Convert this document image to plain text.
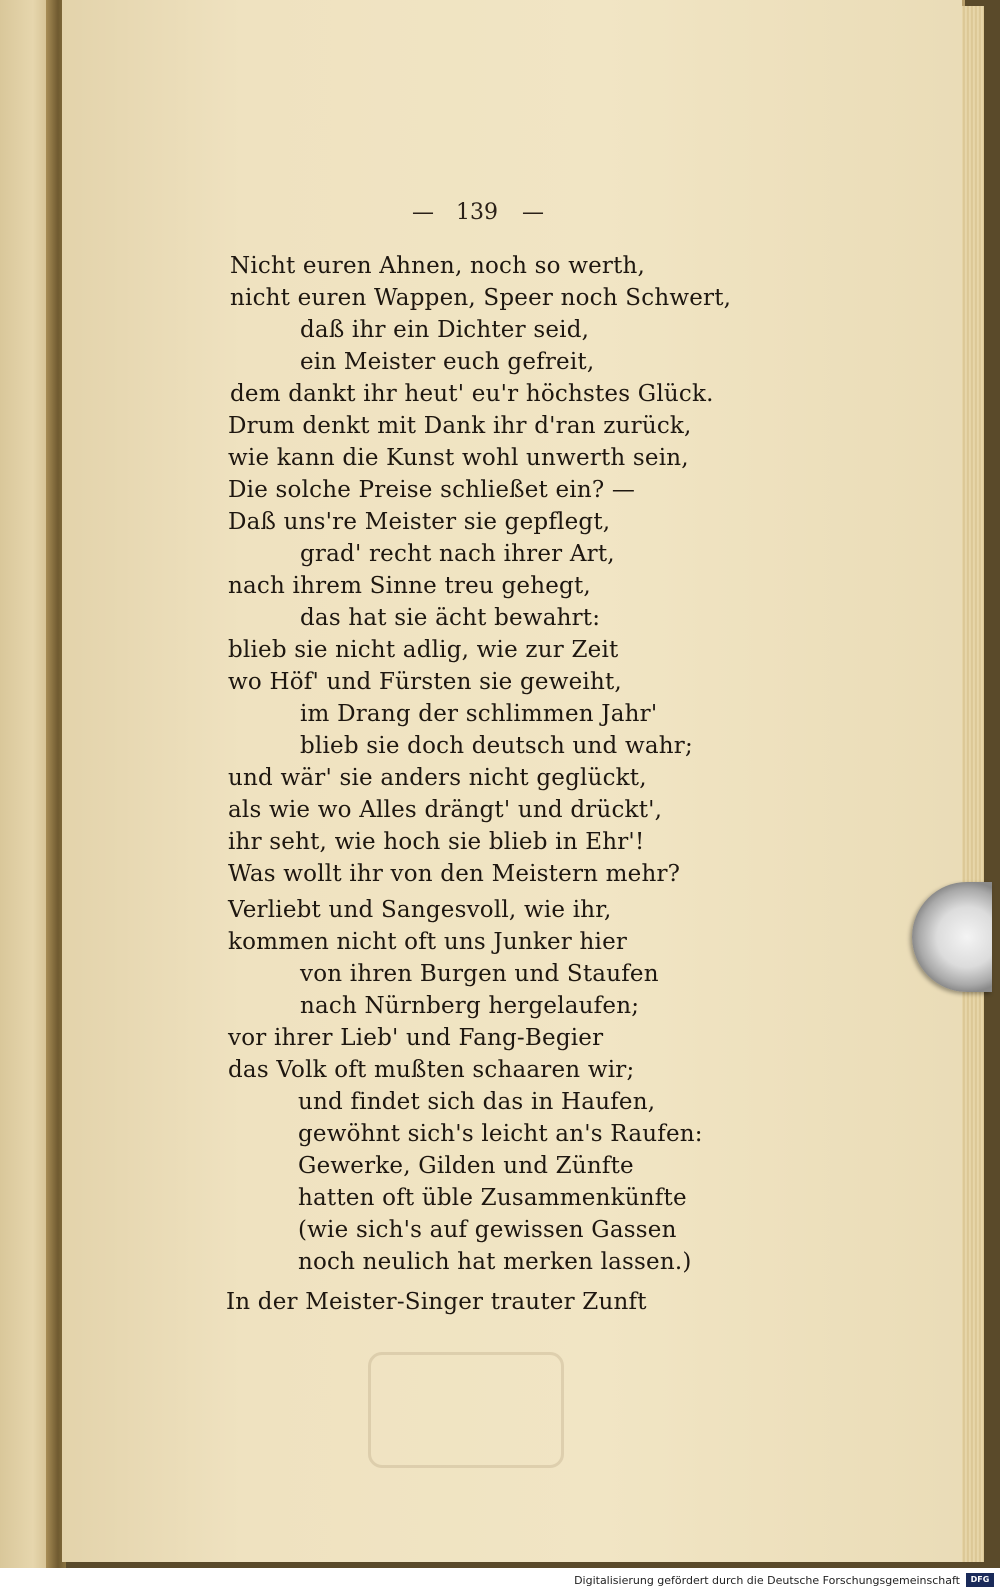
— 139 —
Nicht euren Ahnen, noch so werth,
nicht euren Wappen, Speer noch Schwert,
daß ihr ein Dichter seid,
ein Meister euch gefreit,
dem dankt ihr heut' eu'r höchstes Glück.
Drum denkt mit Dank ihr d'ran zurück,
wie kann die Kunst wohl unwerth sein,
Die solche Preise schließet ein? —
Daß uns're Meister sie gepflegt,
grad' recht nach ihrer Art,
nach ihrem Sinne treu gehegt,
das hat sie ächt bewahrt:
blieb sie nicht adlig, wie zur Zeit
wo Höf' und Fürsten sie geweiht,
im Drang der schlimmen Jahr'
blieb sie doch deutsch und wahr;
und wär' sie anders nicht geglückt,
als wie wo Alles drängt' und drückt',
ihr seht, wie hoch sie blieb in Ehr'!
Was wollt ihr von den Meistern mehr?
Verliebt und Sangesvoll, wie ihr,
kommen nicht oft uns Junker hier
von ihren Burgen und Staufen
nach Nürnberg hergelaufen;
vor ihrer Lieb' und Fang-Begier
das Volk oft mußten schaaren wir;
und findet sich das in Haufen,
gewöhnt sich's leicht an's Raufen:
Gewerke, Gilden und Zünfte
hatten oft üble Zusammenkünfte
(wie sich's auf gewissen Gassen
noch neulich hat merken lassen.)
In der Meister-Singer trauter Zunft
Digitalisierung gefördert durch die Deutsche Forschungsgemeinschaft	DFG
